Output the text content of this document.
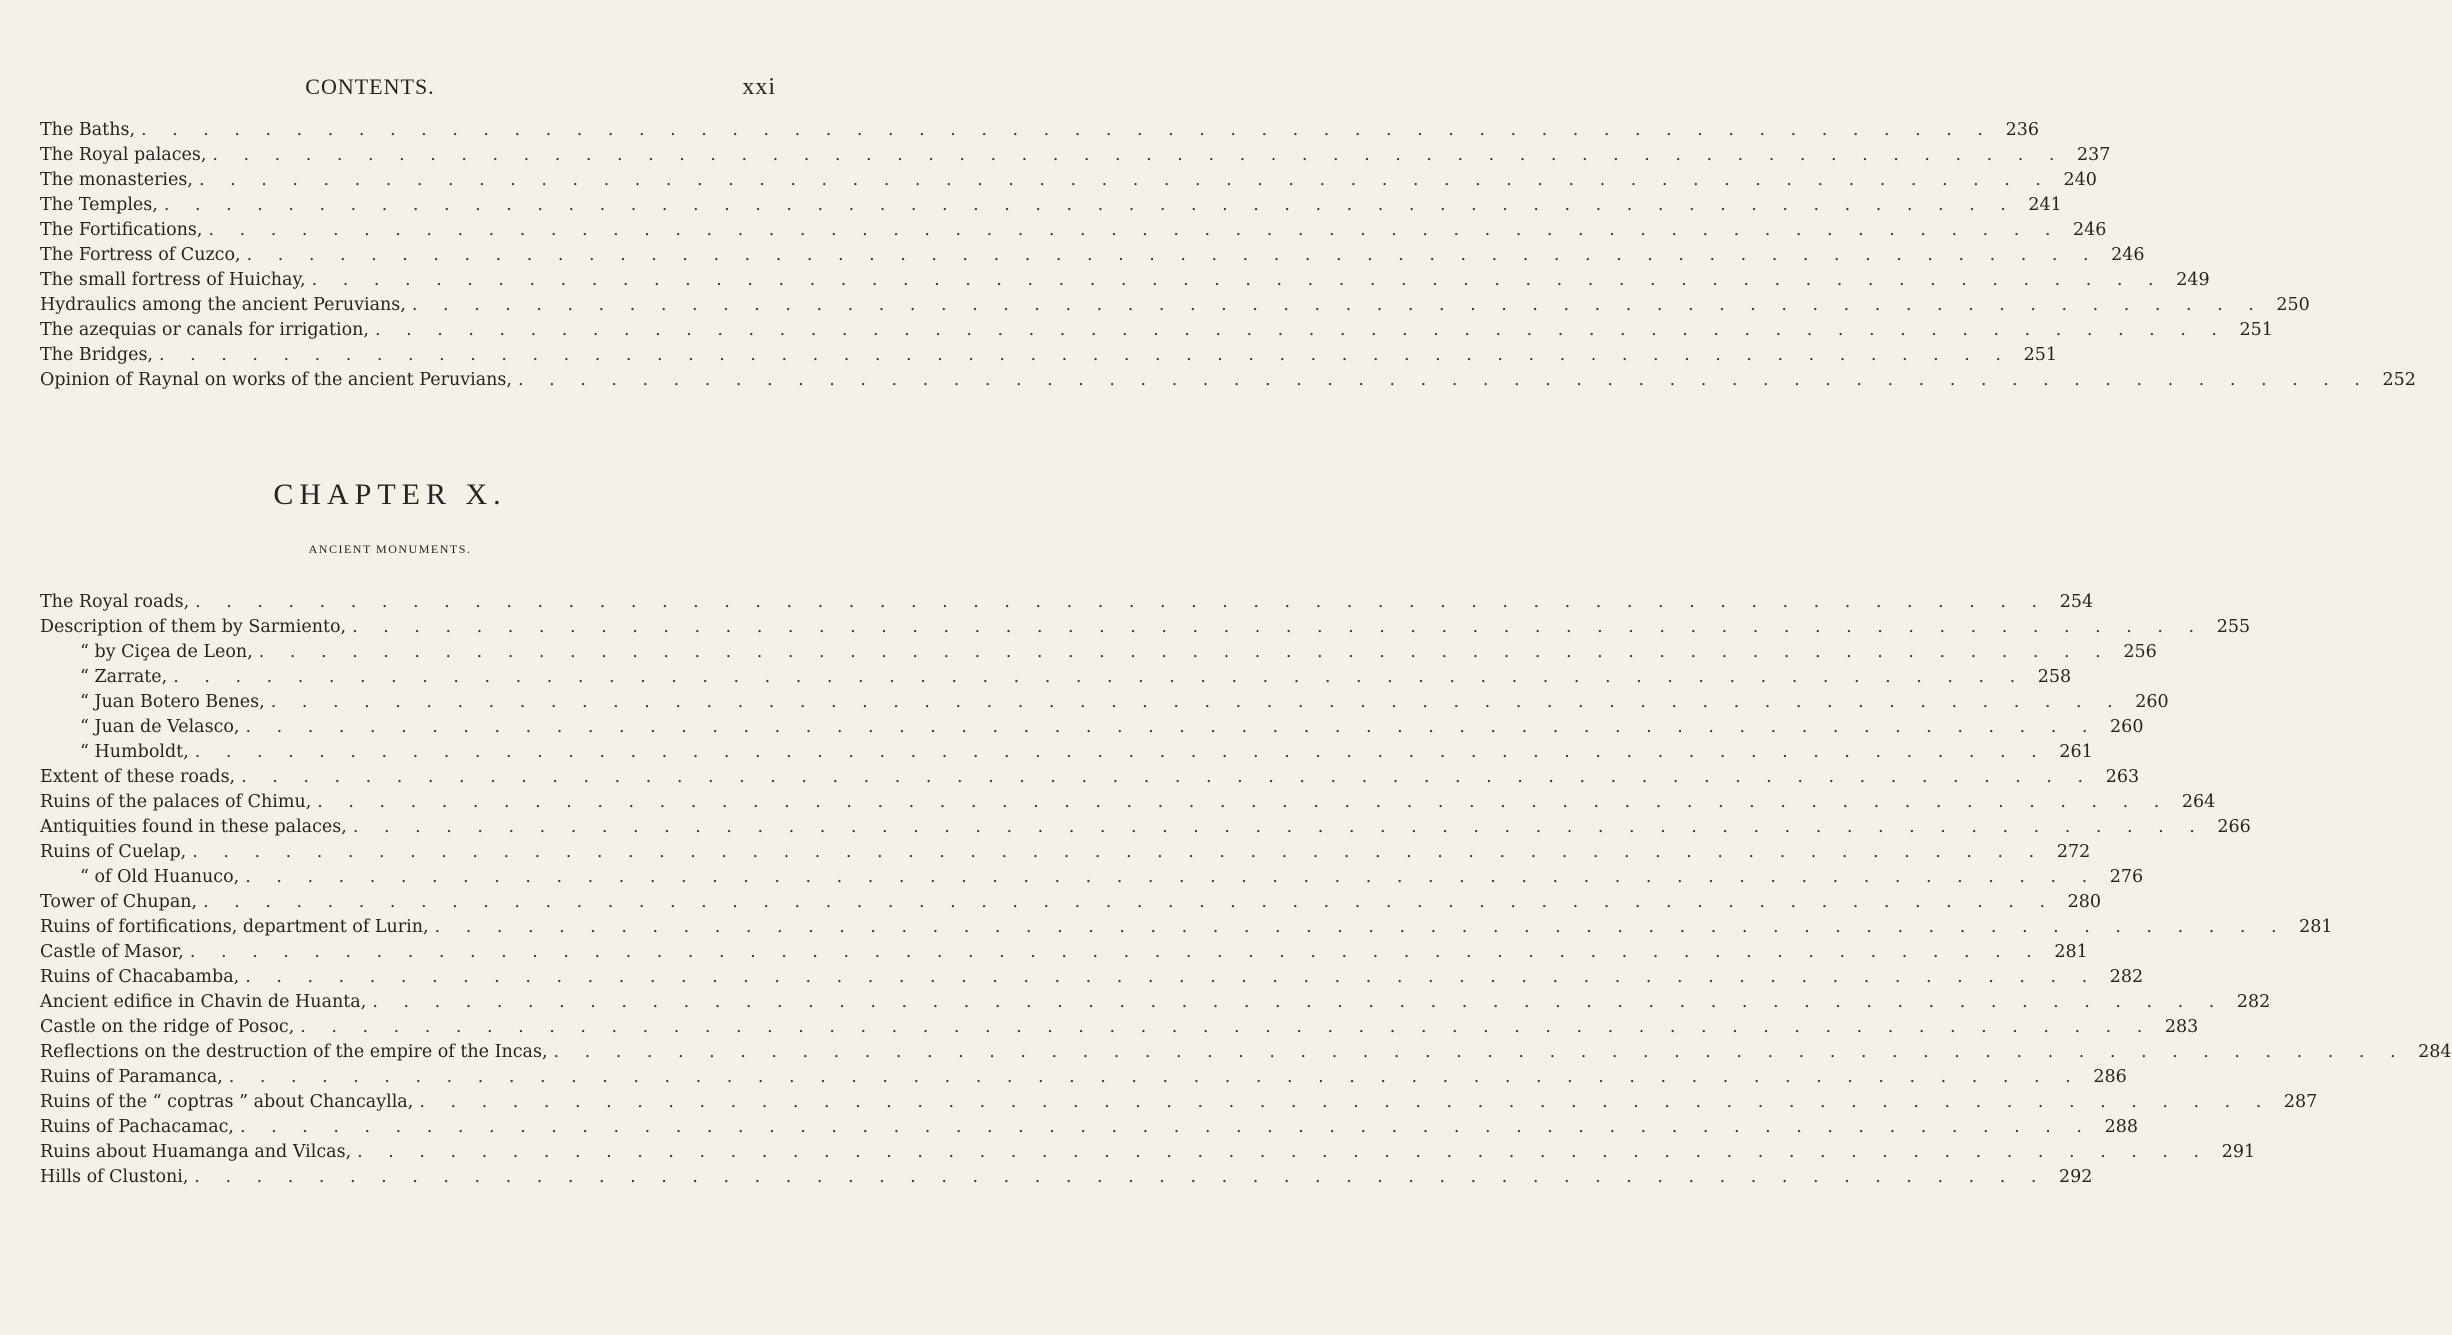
CONTENTS.	xxi
The Baths, . . . . . . . . . . . . . . . . . . . . . . . . . . . . . . . . . . . . . . . . . . . . . . . . . . . . . . . . . . . . 236
The Royal palaces, . . . . . . . . . . . . . . . . . . . . . . . . . . . . . . . . . . . . . . . . . . . . . . . . . . . . . . . . . . . . 237
The monasteries, . . . . . . . . . . . . . . . . . . . . . . . . . . . . . . . . . . . . . . . . . . . . . . . . . . . . . . . . . . . . 240
The Temples, . . . . . . . . . . . . . . . . . . . . . . . . . . . . . . . . . . . . . . . . . . . . . . . . . . . . . . . . . . . . 241
The Fortifications, . . . . . . . . . . . . . . . . . . . . . . . . . . . . . . . . . . . . . . . . . . . . . . . . . . . . . . . . . . . . 246
The Fortress of Cuzco, . . . . . . . . . . . . . . . . . . . . . . . . . . . . . . . . . . . . . . . . . . . . . . . . . . . . . . . . . . . . 246
The small fortress of Huichay, . . . . . . . . . . . . . . . . . . . . . . . . . . . . . . . . . . . . . . . . . . . . . . . . . . . . . . . . . . . . 249
Hydraulics among the ancient Peruvians, . . . . . . . . . . . . . . . . . . . . . . . . . . . . . . . . . . . . . . . . . . . . . . . . . . . . . . . . . . . . 250
The azequias or canals for irrigation, . . . . . . . . . . . . . . . . . . . . . . . . . . . . . . . . . . . . . . . . . . . . . . . . . . . . . . . . . . . . 251
The Bridges, . . . . . . . . . . . . . . . . . . . . . . . . . . . . . . . . . . . . . . . . . . . . . . . . . . . . . . . . . . . . 251
Opinion of Raynal on works of the ancient Peruvians, . . . . . . . . . . . . . . . . . . . . . . . . . . . . . . . . . . . . . . . . . . . . . . . . . . . . . . . . . . . . 252
CHAPTER X.
ANCIENT MONUMENTS.
The Royal roads, . . . . . . . . . . . . . . . . . . . . . . . . . . . . . . . . . . . . . . . . . . . . . . . . . . . . . . . . . . . . 254
Description of them by Sarmiento, . . . . . . . . . . . . . . . . . . . . . . . . . . . . . . . . . . . . . . . . . . . . . . . . . . . . . . . . . . . . 255
“ by Ciçea de Leon, . . . . . . . . . . . . . . . . . . . . . . . . . . . . . . . . . . . . . . . . . . . . . . . . . . . . . . . . . . . . 256
“ Zarrate, . . . . . . . . . . . . . . . . . . . . . . . . . . . . . . . . . . . . . . . . . . . . . . . . . . . . . . . . . . . . 258
“ Juan Botero Benes, . . . . . . . . . . . . . . . . . . . . . . . . . . . . . . . . . . . . . . . . . . . . . . . . . . . . . . . . . . . . 260
“ Juan de Velasco, . . . . . . . . . . . . . . . . . . . . . . . . . . . . . . . . . . . . . . . . . . . . . . . . . . . . . . . . . . . . 260
“ Humboldt, . . . . . . . . . . . . . . . . . . . . . . . . . . . . . . . . . . . . . . . . . . . . . . . . . . . . . . . . . . . . 261
Extent of these roads, . . . . . . . . . . . . . . . . . . . . . . . . . . . . . . . . . . . . . . . . . . . . . . . . . . . . . . . . . . . . 263
Ruins of the palaces of Chimu, . . . . . . . . . . . . . . . . . . . . . . . . . . . . . . . . . . . . . . . . . . . . . . . . . . . . . . . . . . . . 264
Antiquities found in these palaces, . . . . . . . . . . . . . . . . . . . . . . . . . . . . . . . . . . . . . . . . . . . . . . . . . . . . . . . . . . . . 266
Ruins of Cuelap, . . . . . . . . . . . . . . . . . . . . . . . . . . . . . . . . . . . . . . . . . . . . . . . . . . . . . . . . . . . . 272
“ of Old Huanuco, . . . . . . . . . . . . . . . . . . . . . . . . . . . . . . . . . . . . . . . . . . . . . . . . . . . . . . . . . . . . 276
Tower of Chupan, . . . . . . . . . . . . . . . . . . . . . . . . . . . . . . . . . . . . . . . . . . . . . . . . . . . . . . . . . . . . 280
Ruins of fortifications, department of Lurin, . . . . . . . . . . . . . . . . . . . . . . . . . . . . . . . . . . . . . . . . . . . . . . . . . . . . . . . . . . . . 281
Castle of Masor, . . . . . . . . . . . . . . . . . . . . . . . . . . . . . . . . . . . . . . . . . . . . . . . . . . . . . . . . . . . . 281
Ruins of Chacabamba, . . . . . . . . . . . . . . . . . . . . . . . . . . . . . . . . . . . . . . . . . . . . . . . . . . . . . . . . . . . . 282
Ancient edifice in Chavin de Huanta, . . . . . . . . . . . . . . . . . . . . . . . . . . . . . . . . . . . . . . . . . . . . . . . . . . . . . . . . . . . . 282
Castle on the ridge of Posoc, . . . . . . . . . . . . . . . . . . . . . . . . . . . . . . . . . . . . . . . . . . . . . . . . . . . . . . . . . . . . 283
Reflections on the destruction of the empire of the Incas, . . . . . . . . . . . . . . . . . . . . . . . . . . . . . . . . . . . . . . . . . . . . . . . . . . . . . . . . . . . . 284
Ruins of Paramanca, . . . . . . . . . . . . . . . . . . . . . . . . . . . . . . . . . . . . . . . . . . . . . . . . . . . . . . . . . . . . 286
Ruins of the “ coptras ” about Chancaylla, . . . . . . . . . . . . . . . . . . . . . . . . . . . . . . . . . . . . . . . . . . . . . . . . . . . . . . . . . . . . 287
Ruins of Pachacamac, . . . . . . . . . . . . . . . . . . . . . . . . . . . . . . . . . . . . . . . . . . . . . . . . . . . . . . . . . . . . 288
Ruins about Huamanga and Vilcas, . . . . . . . . . . . . . . . . . . . . . . . . . . . . . . . . . . . . . . . . . . . . . . . . . . . . . . . . . . . . 291
Hills of Clustoni, . . . . . . . . . . . . . . . . . . . . . . . . . . . . . . . . . . . . . . . . . . . . . . . . . . . . . . . . . . . . 292
